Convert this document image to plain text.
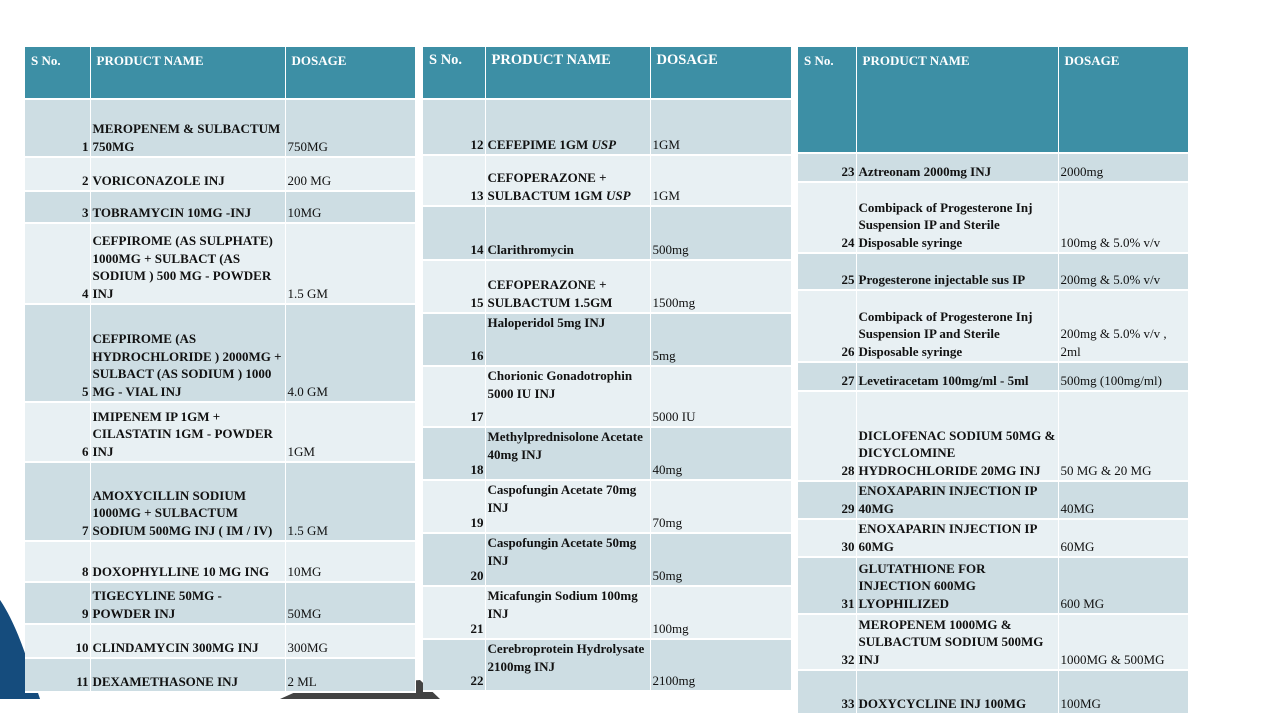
S No.	PRODUCT NAME	DOSAGE
1	MEROPENEM & SULBACTUM 750MG	750MG
2	VORICONAZOLE INJ	200 MG
3	TOBRAMYCIN 10MG -INJ	10MG
4	CEFPIROME (AS SULPHATE) 1000MG + SULBACT (AS SODIUM ) 500 MG - POWDER INJ	1.5 GM
5	CEFPIROME (AS HYDROCHLORIDE ) 2000MG + SULBACT (AS SODIUM ) 1000 MG - VIAL INJ	4.0 GM
6	IMIPENEM IP 1GM + CILASTATIN 1GM - POWDER INJ	1GM
7	AMOXYCILLIN SODIUM 1000MG + SULBACTUM SODIUM 500MG INJ ( IM / IV)	1.5 GM
8	DOXOPHYLLINE 10 MG ING	10MG
9	TIGECYLINE 50MG - POWDER INJ	50MG
10	CLINDAMYCIN 300MG INJ	300MG
11	DEXAMETHASONE INJ	2 ML
S No.	PRODUCT NAME	DOSAGE
12	CEFEPIME 1GM USP	1GM
13	CEFOPERAZONE + SULBACTUM 1GM USP	1GM
14	Clarithromycin	500mg
15	CEFOPERAZONE + SULBACTUM 1.5GM	1500mg
16	Haloperidol 5mg INJ	5mg
17	Chorionic Gonadotrophin 5000 IU INJ	5000 IU
18	Methylprednisolone Acetate 40mg INJ	40mg
19	Caspofungin Acetate 70mg INJ	70mg
20	Caspofungin Acetate 50mg INJ	50mg
21	Micafungin Sodium 100mg INJ	100mg
22	Cerebroprotein Hydrolysate 2100mg INJ	2100mg
S No.	PRODUCT NAME	DOSAGE
23	Aztreonam 2000mg INJ	2000mg
24	Combipack of Progesterone Inj Suspension IP and Sterile Disposable syringe	100mg & 5.0% v/v
25	Progesterone injectable sus IP	200mg & 5.0% v/v
26	Combipack of Progesterone Inj Suspension IP and Sterile Disposable syringe	200mg & 5.0% v/v , 2ml
27	Levetiracetam 100mg/ml - 5ml	500mg (100mg/ml)
28	DICLOFENAC SODIUM 50MG & DICYCLOMINE HYDROCHLORIDE 20MG INJ	50 MG & 20 MG
29	ENOXAPARIN INJECTION IP 40MG	40MG
30	ENOXAPARIN INJECTION IP 60MG	60MG
31	GLUTATHIONE FOR INJECTION 600MG LYOPHILIZED	600 MG
32	MEROPENEM 1000MG & SULBACTUM SODIUM 500MG INJ	1000MG & 500MG
33	DOXYCYCLINE INJ 100MG	100MG
